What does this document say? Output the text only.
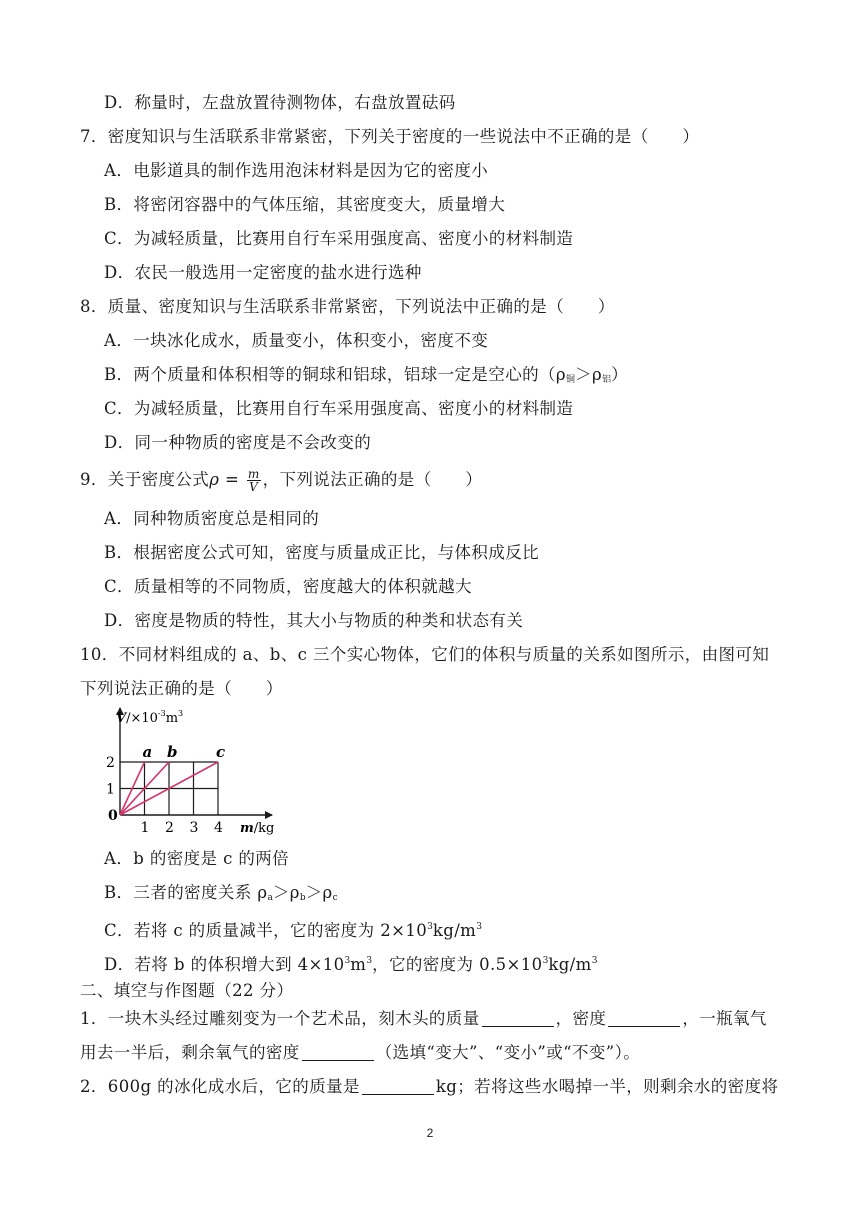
D．称量时，左盘放置待测物体，右盘放置砝码
7．密度知识与生活联系非常紧密，下列关于密度的一些说法中不正确的是（　　）
A．电影道具的制作选用泡沫材料是因为它的密度小
B．将密闭容器中的气体压缩，其密度变大，质量增大
C．为减轻质量，比赛用自行车采用强度高、密度小的材料制造
D．农民一般选用一定密度的盐水进行选种
8．质量、密度知识与生活联系非常紧密，下列说法中正确的是（　　）
A．一块冰化成水，质量变小，体积变小，密度不变
B．两个质量和体积相等的铜球和铝球，铝球一定是空心的$(\rho_铜>\rho_铝)$
C．为减轻质量，比赛用自行车采用强度高、密度小的材料制造
D．同一种物质的密度是不会改变的
9．关于密度公式$\rho = \frac{m}{V}$ ，下列说法正确的是（　　）
A．同种物质密度总是相同的
B．根据密度公式可知，密度与质量成正比，与体积成反比
C．质量相等的不同物质，密度越大的体积就越大
D．密度是物质的特性，其大小与物质的种类和状态有关
10．不同材料组成的 a、b、c 三个实心物体，它们的体积与质量的关系如图所示，由图可知
下列说法正确的是（　　）
a b	c
1 2 3 4
1
2
0
$V/\times 10^{-3}m^3$
m/kg
A．b 的密度是 c 的两倍
B．三者的密度关系 $\rho_a>\rho_b>\rho_c$
C．若将 c 的质量减半，它的密度为 $2\times 10^3kg/m^3$
D．若将 b 的体积增大到 $4\times 10^3m^3$，它的密度为 $0.5\times 10^3kg/m^3$
二、填空与作图题（22 分）
1．一块木头经过雕刻变为一个艺术品，刻木头的质量	，密度	，一瓶氧气
用去一半后，剩余氧气的密度	（选填“变大”、“变小”或“不变”）。
2．600g 的冰化成水后，它的质量是	kg；若将这些水喝掉一半，则剩余水的密度将
2
